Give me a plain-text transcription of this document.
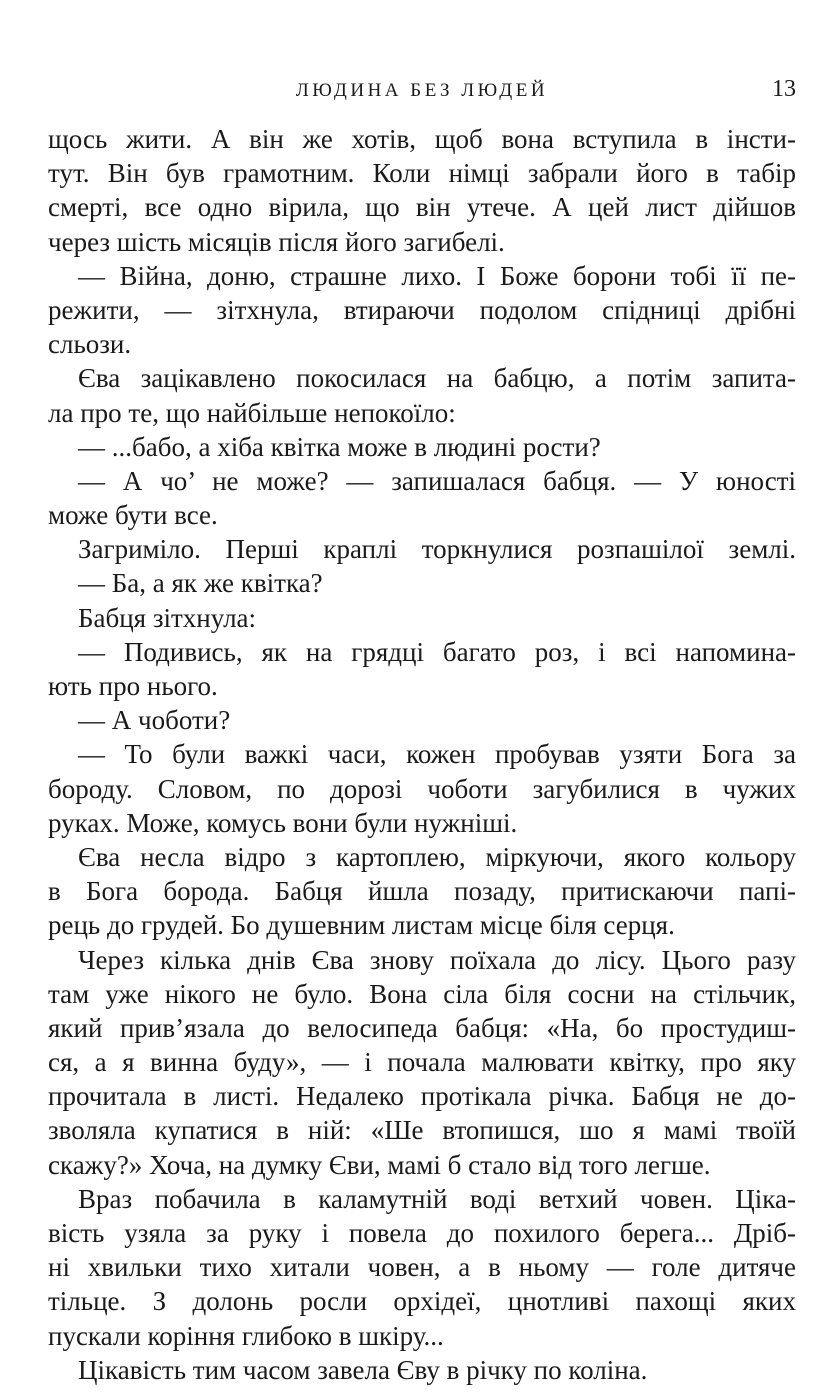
ЛЮДИНА БЕЗ ЛЮДЕЙ	13
щось жити. А він же хотів, щоб вона вступила в інсти-
тут. Він був грамотним. Коли німці забрали його в табір
смерті, все одно вірила, що він утече. А цей лист дійшов
через шість місяців після його загибелі.
— Війна, доню, страшне лихо. І Боже борони тобі її пе-
режити, — зітхнула, втираючи подолом спідниці дрібні
сльози.
Єва зацікавлено покосилася на бабцю, а потім запита-
ла про те, що найбільше непокоїло:
— ...бабо, а хіба квітка може в людині рости?
— А чо’ не може? — запишалася бабця. — У юності
може бути все.
Загриміло. Перші краплі торкнулися розпашілої землі.
— Ба, а як же квітка?
Бабця зітхнула:
— Подивись, як на грядці багато роз, і всі напомина-
ють про нього.
— А чоботи?
— То були важкі часи, кожен пробував узяти Бога за
бороду. Словом, по дорозі чоботи загубилися в чужих
руках. Може, комусь вони були нужніші.
Єва несла відро з картоплею, міркуючи, якого кольору
в Бога борода. Бабця йшла позаду, притискаючи папі-
рець до грудей. Бо душевним листам місце біля серця.
Через кілька днів Єва знову поїхала до лісу. Цього разу
там уже нікого не було. Вона сіла біля сосни на стільчик,
який прив’язала до велосипеда бабця: «На, бо простудиш-
ся, а я винна буду», — і почала малювати квітку, про яку
прочитала в листі. Недалеко протікала річка. Бабця не до-
зволяла купатися в ній: «Ше втопишся, шо я мамі твоїй
скажу?» Хоча, на думку Єви, мамі б стало від того легше.
Враз побачила в каламутній воді ветхий човен. Ціка-
вість узяла за руку і повела до похилого берега... Дріб-
ні хвильки тихо хитали човен, а в ньому — голе дитяче
тільце. З долонь росли орхідеї, цнотливі пахощі яких
пускали коріння глибоко в шкіру...
Цікавість тим часом завела Єву в річку по коліна.
